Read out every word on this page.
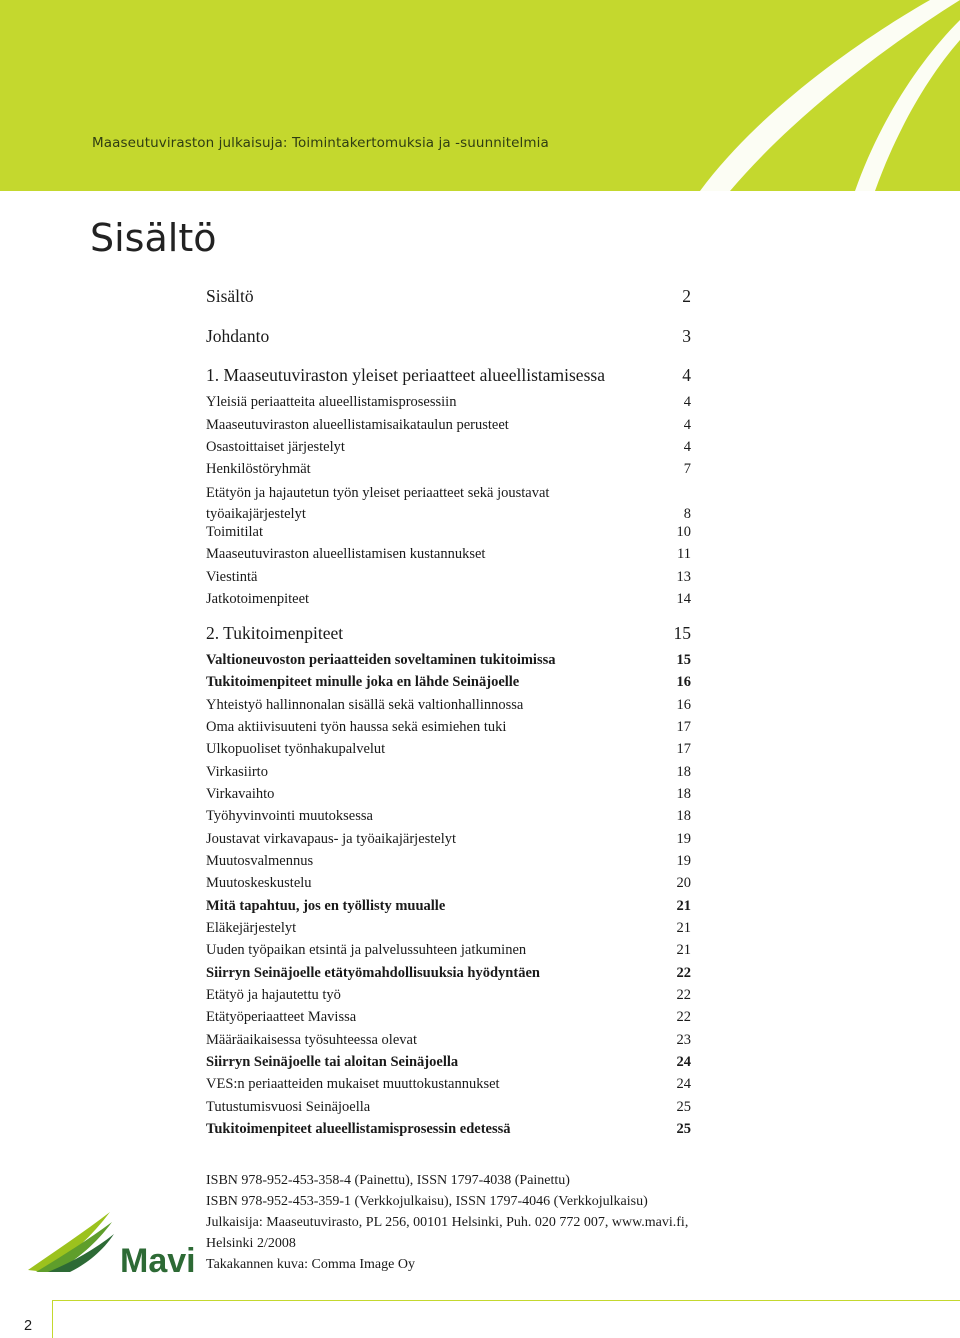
Maaseutuviraston julkaisuja: Toimintakertomuksia ja -suunnitelmia
Sisältö
Sisältö	2
Johdanto	3
1. Maaseutuviraston yleiset periaatteet alueellistamisessa	4
Yleisiä periaatteita alueellistamisprosessiin	4
Maaseutuviraston alueellistamisaikataulun perusteet	4
Osastoittaiset järjestelyt	4
Henkilöstöryhmät	7
Etätyön ja hajautetun työn yleiset periaatteet sekä joustavat
työaikajärjestelyt	8
Toimitilat	10
Maaseutuviraston alueellistamisen kustannukset	11
Viestintä	13
Jatkotoimenpiteet	14
2. Tukitoimenpiteet	15
Valtioneuvoston periaatteiden soveltaminen tukitoimissa	15
Tukitoimenpiteet minulle joka en lähde Seinäjoelle	16
Yhteistyö hallinnonalan sisällä sekä valtionhallinnossa	16
Oma aktiivisuuteni työn haussa sekä esimiehen tuki	17
Ulkopuoliset työnhakupalvelut	17
Virkasiirto	18
Virkavaihto	18
Työhyvinvointi muutoksessa	18
Joustavat virkavapaus- ja työaikajärjestelyt	19
Muutosvalmennus	19
Muutoskeskustelu	20
Mitä tapahtuu, jos en työllisty muualle	21
Eläkejärjestelyt	21
Uuden työpaikan etsintä ja palvelussuhteen jatkuminen	21
Siirryn Seinäjoelle etätyömahdollisuuksia hyödyntäen	22
Etätyö ja hajautettu työ	22
Etätyöperiaatteet Mavissa	22
Määräaikaisessa työsuhteessa olevat	23
Siirryn Seinäjoelle tai aloitan Seinäjoella	24
VES:n periaatteiden mukaiset muuttokustannukset	24
Tutustumisvuosi Seinäjoella	25
Tukitoimenpiteet alueellistamisprosessin edetessä	25
Mavi
ISBN 978-952-453-358-4 (Painettu), ISSN 1797-4038 (Painettu)
ISBN 978-952-453-359-1 (Verkkojulkaisu), ISSN 1797-4046 (Verkkojulkaisu)
Julkaisija: Maaseutuvirasto, PL 256, 00101 Helsinki, Puh. 020 772 007, www.mavi.fi,
Helsinki 2/2008
Takakannen kuva: Comma Image Oy
2
